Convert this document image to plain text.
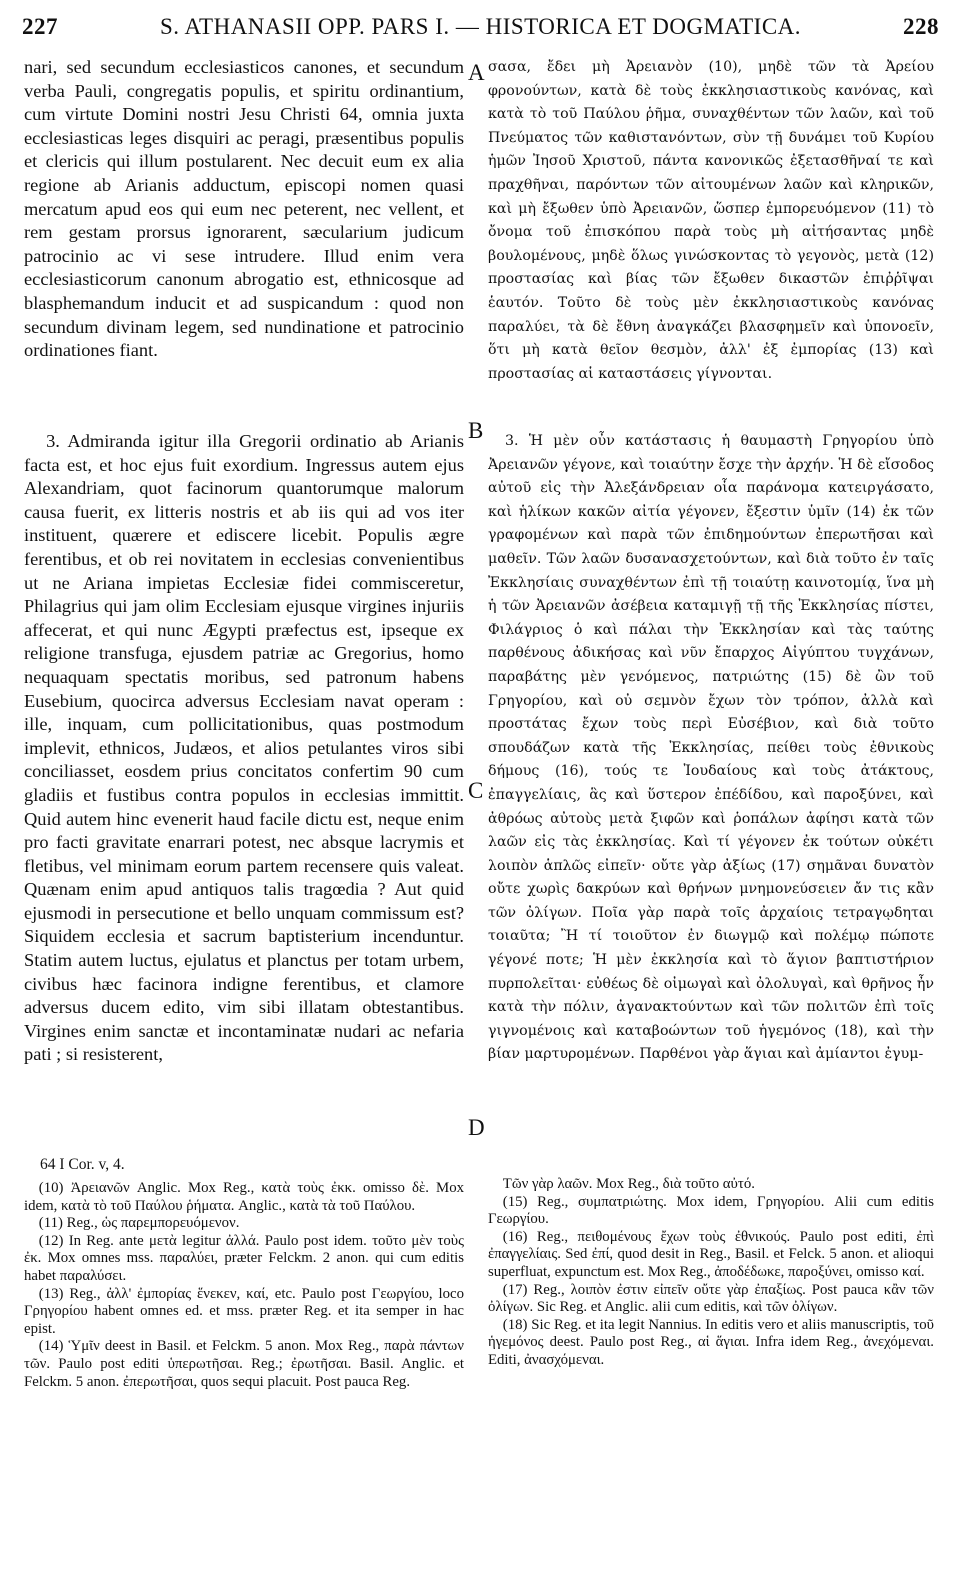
227	S. ATHANASII OPP. PARS I. — HISTORICA ET DOGMATICA.	228

nari, sed secundum ecclesiasticos canones, et secundum verba Pauli, congregatis populis, et spiritu ordinantium, cum virtute Domini nostri Jesu Christi 64, omnia juxta ecclesiasticas leges disquiri ac peragi, præsentibus populis et clericis qui illum postularent. Nec decuit eum ex alia regione ab Arianis adductum, episcopi nomen quasi mercatum apud eos qui eum nec peterent, nec vellent, et rem gestam prorsus ignorarent, sæcularium judicum patrocinio ac vi sese intrudere. Illud enim vera ecclesiasticorum canonum abrogatio est, ethnicosque ad blasphemandum inducit et ad suspicandum : quod non secundum divinam legem, sed nundinatione et patrocinio ordinationes fiant.

3. Admiranda igitur illa Gregorii ordinatio ab Arianis facta est, et hoc ejus fuit exordium. Ingressus autem ejus Alexandriam, quot facinorum quantorumque malorum causa fuerit, ex litteris nostris et ab iis qui ad vos iter instituent, quærere et ediscere licebit. Populis ægre ferentibus, et ob rei novitatem in ecclesias convenientibus ut ne Ariana impietas Ecclesiæ fidei commisceretur, Philagrius qui jam olim Ecclesiam ejusque virgines injuriis affecerat, et qui nunc Ægypti præfectus est, ipseque ex religione transfuga, ejusdem patriæ ac Gregorius, homo nequaquam spectatis moribus, sed patronum habens Eusebium, quocirca adversus Ecclesiam navat operam : ille, inquam, cum pollicitationibus, quas postmodum implevit, ethnicos, Judæos, et alios petulantes viros sibi conciliasset, eosdem prius concitatos confertim 90 cum gladiis et fustibus contra populos in ecclesias immittit. Quid autem hinc evenerit haud facile dictu est, neque enim pro facti gravitate enarrari potest, nec absque lacrymis et fletibus, vel minimam eorum partem recensere quis valeat. Quænam enim apud antiquos talis tragœdia ? Aut quid ejusmodi in persecutione et bello unquam commissum est? Siquidem ecclesia et sacrum baptisterium incenduntur. Statim autem luctus, ejulatus et planctus per totam urbem, civibus hæc facinora indigne ferentibus, et clamore adversus ducem edito, vim sibi illatam obtestantibus. Virgines enim sanctæ et incontaminatæ nudari ac nefaria pati ; si resisterent,

A
B
C
D

σασα, ἔδει μὴ Ἀρειανὸν (10), μηδὲ τῶν τὰ Ἀρείου φρονούντων, κατὰ δὲ τοὺς ἐκκλησιαστικοὺς κανόνας, καὶ κατὰ τὸ τοῦ Παύλου ῥῆμα, συναχθέντων τῶν λαῶν, καὶ τοῦ Πνεύματος τῶν καθιστανόντων, σὺν τῇ δυνάμει τοῦ Κυρίου ἡμῶν Ἰησοῦ Χριστοῦ, πάντα κανονικῶς ἐξετασθῆναί τε καὶ πραχθῆναι, παρόντων τῶν αἰτουμένων λαῶν καὶ κληρικῶν, καὶ μὴ ἔξωθεν ὑπὸ Ἀρειανῶν, ὥσπερ ἐμπορευόμενον (11) τὸ ὄνομα τοῦ ἐπισκόπου παρὰ τοὺς μὴ αἰτήσαντας μηδὲ βουλομένους, μηδὲ ὅλως γινώσκοντας τὸ γεγονὸς, μετὰ (12) προστασίας καὶ βίας τῶν ἔξωθεν δικαστῶν ἐπιῤῥῖψαι ἑαυτόν. Τοῦτο δὲ τοὺς μὲν ἐκκλησιαστικοὺς κανόνας παραλύει, τὰ δὲ ἔθνη ἀναγκάζει βλασφημεῖν καὶ ὑπονοεῖν, ὅτι μὴ κατὰ θεῖον θεσμὸν, ἀλλ' ἐξ ἐμπορίας (13) καὶ προστασίας αἱ καταστάσεις γίγνονται.

3. Ἡ μὲν οὖν κατάστασις ἡ θαυμαστὴ Γρηγορίου ὑπὸ Ἀρειανῶν γέγονε, καὶ τοιαύτην ἔσχε τὴν ἀρχήν. Ἡ δὲ εἴσοδος αὐτοῦ εἰς τὴν Ἀλεξάνδρειαν οἷα παράνομα κατειργάσατο, καὶ ἡλίκων κακῶν αἰτία γέγονεν, ἔξεστιν ὑμῖν (14) ἐκ τῶν γραφομένων καὶ παρὰ τῶν ἐπιδημούντων ἐπερωτῆσαι καὶ μαθεῖν. Τῶν λαῶν δυσανασχετούντων, καὶ διὰ τοῦτο ἐν ταῖς Ἐκκλησίαις συναχθέντων ἐπὶ τῇ τοιαύτῃ καινοτομίᾳ, ἵνα μὴ ἡ τῶν Ἀρειανῶν ἀσέβεια καταμιγῇ τῇ τῆς Ἐκκλησίας πίστει, Φιλάγριος ὁ καὶ πάλαι τὴν Ἐκκλησίαν καὶ τὰς ταύτης παρθένους ἀδικήσας καὶ νῦν ἔπαρχος Αἰγύπτου τυγχάνων, παραβάτης μὲν γενόμενος, πατριώτης (15) δὲ ὢν τοῦ Γρηγορίου, καὶ οὐ σεμνὸν ἔχων τὸν τρόπον, ἀλλὰ καὶ προστάτας ἔχων τοὺς περὶ Εὐσέβιον, καὶ διὰ τοῦτο σπουδάζων κατὰ τῆς Ἐκκλησίας, πείθει τοὺς ἐθνικοὺς δήμους (16), τούς τε Ἰουδαίους καὶ τοὺς ἀτάκτους, ἐπαγγελίαις, ἃς καὶ ὕστερον ἐπέδίδου, καὶ παροξύνει, καὶ ἀθρόως αὐτοὺς μετὰ ξιφῶν καὶ ῥοπάλων ἀφίησι κατὰ τῶν λαῶν εἰς τὰς ἐκκλησίας. Καὶ τί γέγονεν ἐκ τούτων οὐκέτι λοιπὸν ἁπλῶς εἰπεῖν· οὔτε γὰρ ἀξίως (17) σημᾶναι δυνατὸν οὔτε χωρὶς δακρύων καὶ θρήνων μνημονεύσειεν ἄν τις κἂν τῶν ὀλίγων. Ποῖα γὰρ παρὰ τοῖς ἀρχαίοις τετραγῳδηται τοιαῦτα; Ἢ τί τοιοῦτον ἐν διωγμῷ καὶ πολέμῳ πώποτε γέγονέ ποτε; Ἡ μὲν ἐκκλησία καὶ τὸ ἅγιον βαπτιστήριον πυρπολεῖται· εὐθέως δὲ οἰμωγαὶ καὶ ὀλολυγαὶ, καὶ θρῆνος ἦν κατὰ τὴν πόλιν, ἀγανακτούντων καὶ τῶν πολιτῶν ἐπὶ τοῖς γιγνομένοις καὶ καταβοώντων τοῦ ἡγεμόνος (18), καὶ τὴν βίαν μαρτυρομένων. Παρθένοι γὰρ ἅγιαι καὶ ἀμίαντοι ἐγυμ-

64 I Cor. v, 4.

(10) Ἀρειανῶν Anglic. Mox Reg., κατὰ τοὺς ἐκκ. omisso δὲ. Mox idem, κατὰ τὸ τοῦ Παύλου ῥήματα. Anglic., κατὰ τὰ τοῦ Παύλου.

(11) Reg., ὡς παρεμπορευόμενον.

(12) In Reg. ante μετὰ legitur ἀλλά. Paulo post idem. τοῦτο μὲν τοὺς ἐκ. Mox omnes mss. παραλύει, præter Felckm. 2 anon. qui cum editis habet παραλύσει.

(13) Reg., ἀλλ' ἐμπορίας ἕνεκεν, καί, etc. Paulo post Γεωργίου, loco Γρηγορίου habent omnes ed. et mss. præter Reg. et ita semper in hac epist.

(14) Ὑμῖν deest in Basil. et Felckm. 5 anon. Mox Reg., παρὰ πάντων τῶν. Paulo post editi ὑπερωτῆσαι. Reg.; ἐρωτῆσαι. Basil. Anglic. et Felckm. 5 anon. ἐπερωτῆσαι, quos sequi placuit. Post pauca Reg.

Τῶν γὰρ λαῶν. Mox Reg., διὰ τοῦτο αὐτό.

(15) Reg., συμπατριώτης. Mox idem, Γρηγορίου. Alii cum editis Γεωργίου.

(16) Reg., πειθομένους ἔχων τοὺς ἐθνικούς. Paulo post editi, ἐπὶ ἐπαγγελίαις. Sed ἐπί, quod desit in Reg., Basil. et Felck. 5 anon. et alioqui superfluat, expunctum est. Mox Reg., ἀποδέδωκε, παροξύνει, omisso καί.

(17) Reg., λοιπὸν ἐστιν εἰπεῖν οὔτε γὰρ ἐπαξίως. Post pauca κἂν τῶν ὀλίγων. Sic Reg. et Anglic. alii cum editis, καὶ τῶν ὀλίγων.

(18) Sic Reg. et ita legit Nannius. In editis vero et aliis manuscriptis, τοῦ ἡγεμόνος deest. Paulo post Reg., αἱ ἅγιαι. Infra idem Reg., ἀνεχόμεναι. Editi, ἀνασχόμεναι.
